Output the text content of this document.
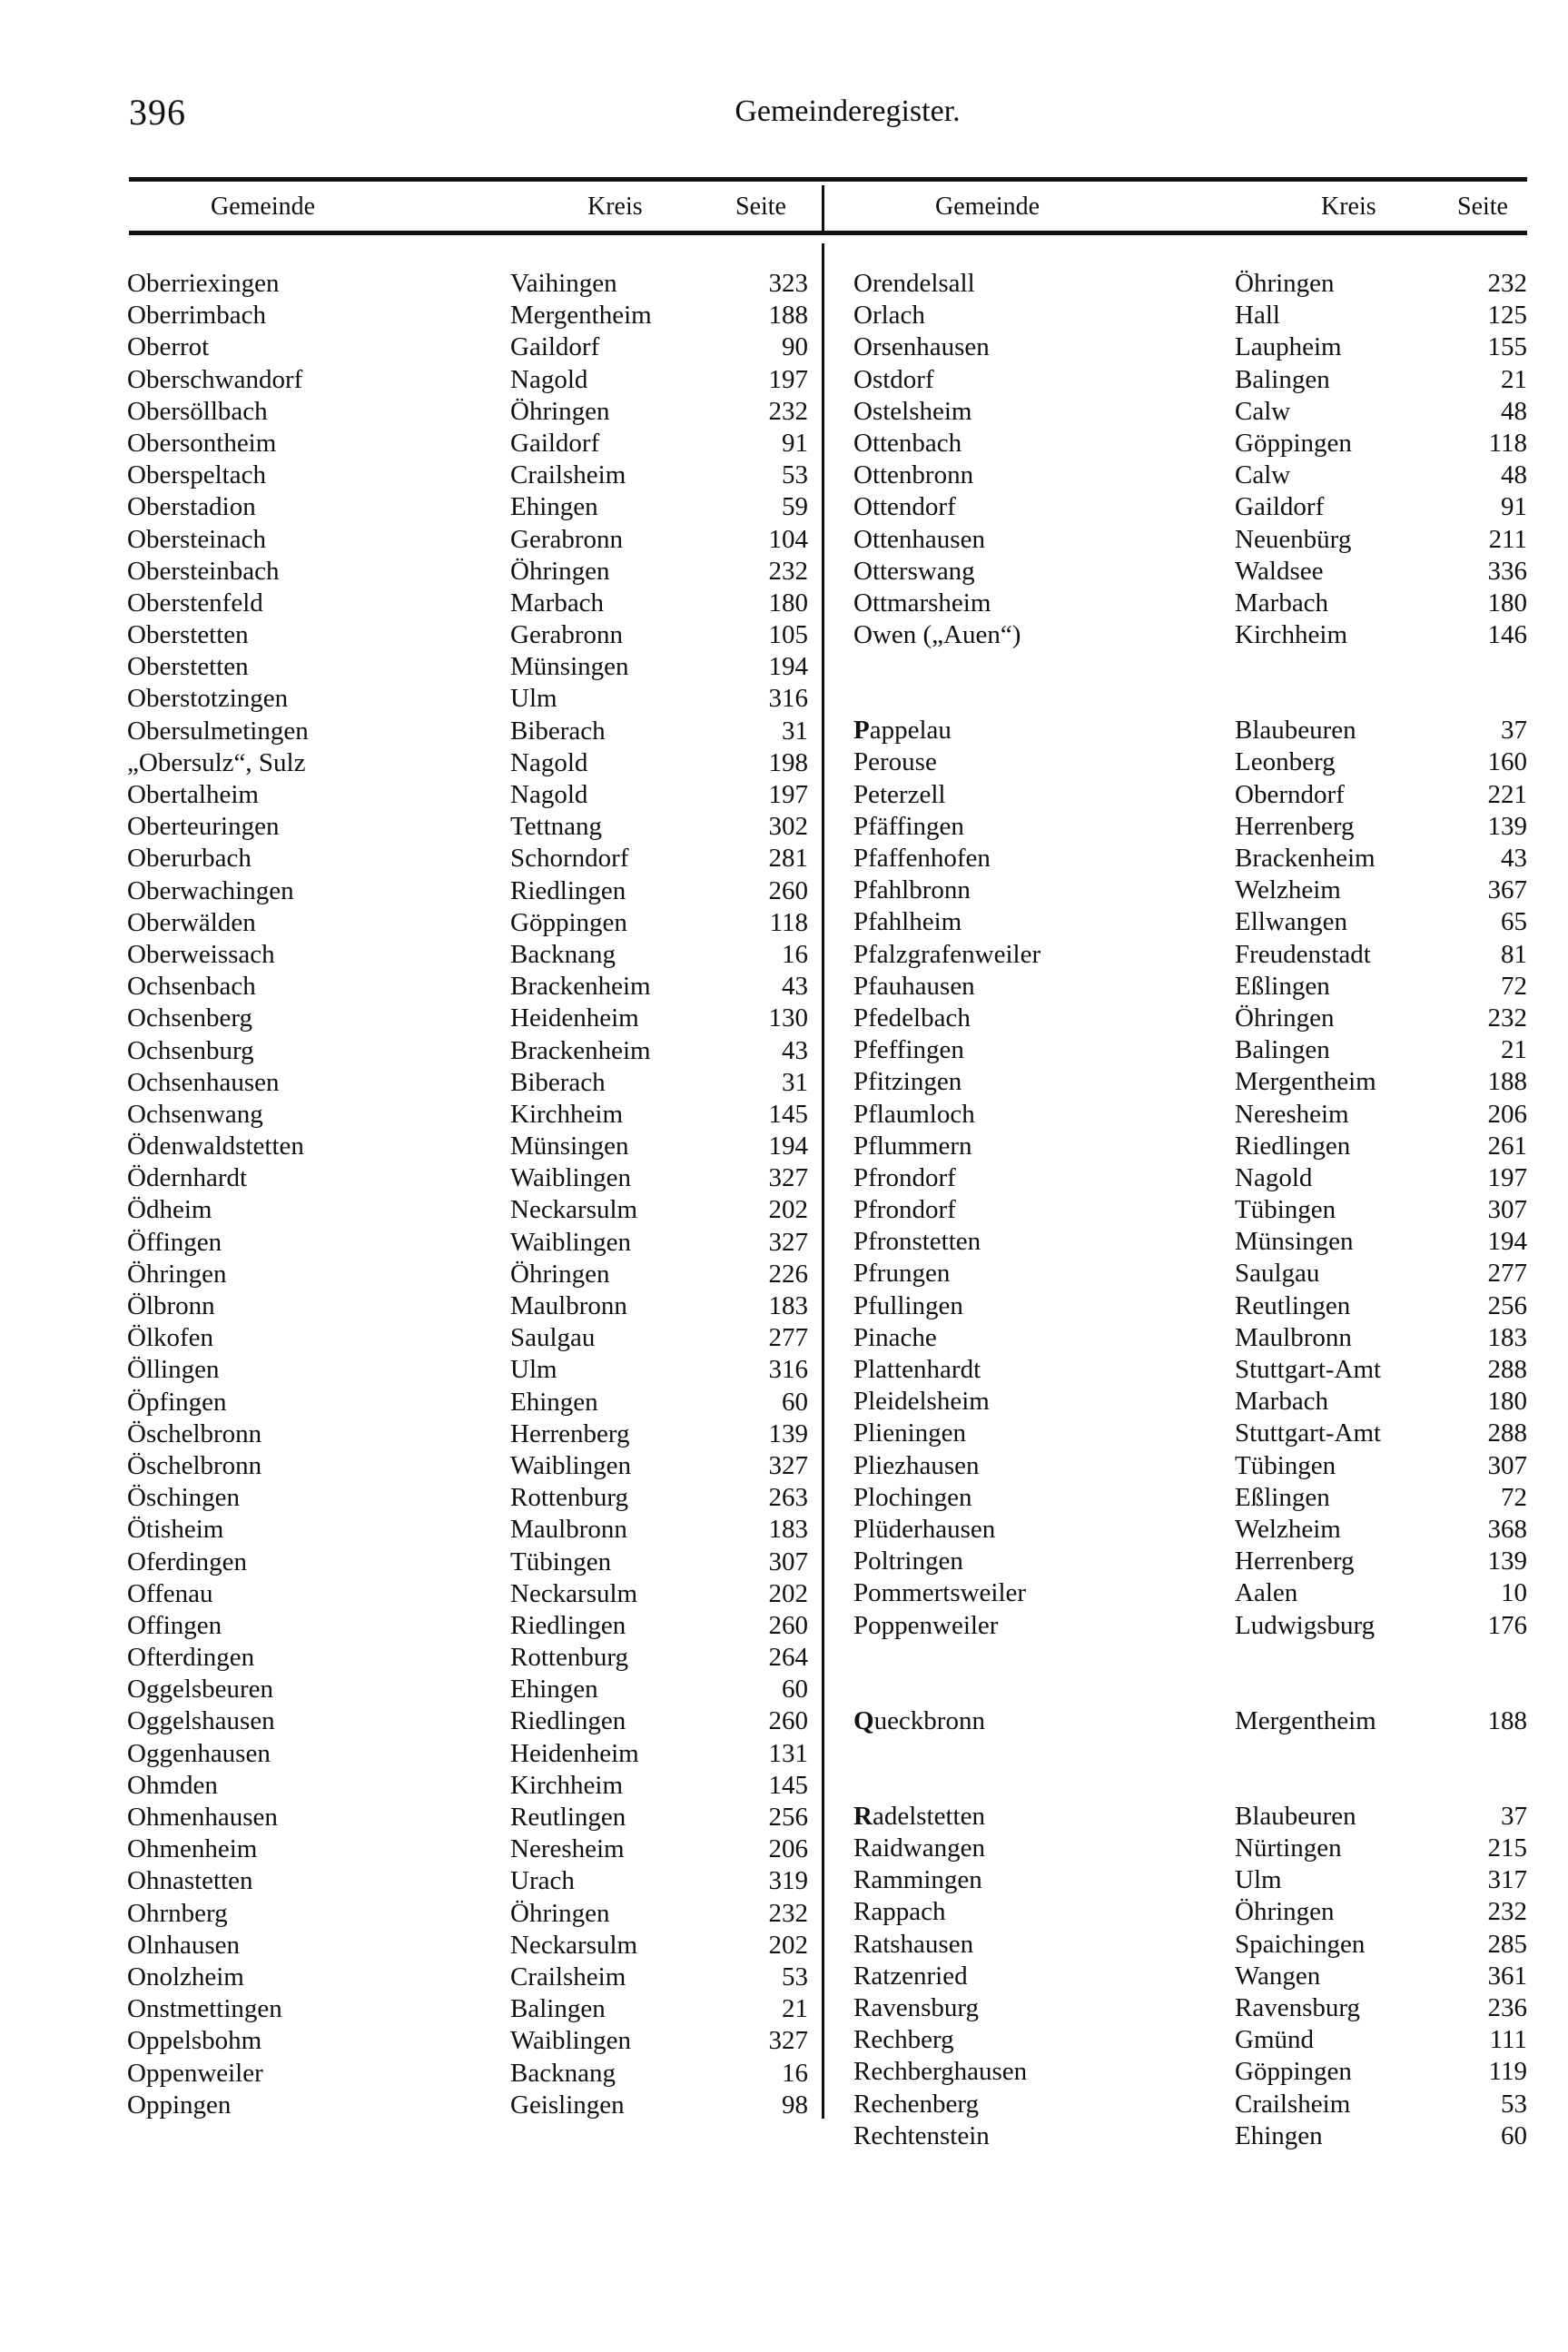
396	Gemeinderegister.
Gemeinde	Kreis	Seite	Gemeinde	Kreis	Seite
Oberriexingen	Vaihingen	323
Oberrimbach	Mergentheim	188
Oberrot	Gaildorf	90
Oberschwandorf	Nagold	197
Obersöllbach	Öhringen	232
Obersontheim	Gaildorf	91
Oberspeltach	Crailsheim	53
Oberstadion	Ehingen	59
Obersteinach	Gerabronn	104
Obersteinbach	Öhringen	232
Oberstenfeld	Marbach	180
Oberstetten	Gerabronn	105
Oberstetten	Münsingen	194
Oberstotzingen	Ulm	316
Obersulmetingen	Biberach	31
„Obersulz“, Sulz	Nagold	198
Obertalheim	Nagold	197
Oberteuringen	Tettnang	302
Oberurbach	Schorndorf	281
Oberwachingen	Riedlingen	260
Oberwälden	Göppingen	118
Oberweissach	Backnang	16
Ochsenbach	Brackenheim	43
Ochsenberg	Heidenheim	130
Ochsenburg	Brackenheim	43
Ochsenhausen	Biberach	31
Ochsenwang	Kirchheim	145
Ödenwaldstetten	Münsingen	194
Ödernhardt	Waiblingen	327
Ödheim	Neckarsulm	202
Öffingen	Waiblingen	327
Öhringen	Öhringen	226
Ölbronn	Maulbronn	183
Ölkofen	Saulgau	277
Öllingen	Ulm	316
Öpfingen	Ehingen	60
Öschelbronn	Herrenberg	139
Öschelbronn	Waiblingen	327
Öschingen	Rottenburg	263
Ötisheim	Maulbronn	183
Oferdingen	Tübingen	307
Offenau	Neckarsulm	202
Offingen	Riedlingen	260
Ofterdingen	Rottenburg	264
Oggelsbeuren	Ehingen	60
Oggelshausen	Riedlingen	260
Oggenhausen	Heidenheim	131
Ohmden	Kirchheim	145
Ohmenhausen	Reutlingen	256
Ohmenheim	Neresheim	206
Ohnastetten	Urach	319
Ohrnberg	Öhringen	232
Olnhausen	Neckarsulm	202
Onolzheim	Crailsheim	53
Onstmettingen	Balingen	21
Oppelsbohm	Waiblingen	327
Oppenweiler	Backnang	16
Oppingen	Geislingen	98
Orendelsall	Öhringen	232
Orlach	Hall	125
Orsenhausen	Laupheim	155
Ostdorf	Balingen	21
Ostelsheim	Calw	48
Ottenbach	Göppingen	118
Ottenbronn	Calw	48
Ottendorf	Gaildorf	91
Ottenhausen	Neuenbürg	211
Otterswang	Waldsee	336
Ottmarsheim	Marbach	180
Owen („Auen“)	Kirchheim	146
Pappelau	Blaubeuren	37
Perouse	Leonberg	160
Peterzell	Oberndorf	221
Pfäffingen	Herrenberg	139
Pfaffenhofen	Brackenheim	43
Pfahlbronn	Welzheim	367
Pfahlheim	Ellwangen	65
Pfalzgrafenweiler	Freudenstadt	81
Pfauhausen	Eßlingen	72
Pfedelbach	Öhringen	232
Pfeffingen	Balingen	21
Pfitzingen	Mergentheim	188
Pflaumloch	Neresheim	206
Pflummern	Riedlingen	261
Pfrondorf	Nagold	197
Pfrondorf	Tübingen	307
Pfronstetten	Münsingen	194
Pfrungen	Saulgau	277
Pfullingen	Reutlingen	256
Pinache	Maulbronn	183
Plattenhardt	Stuttgart-Amt	288
Pleidelsheim	Marbach	180
Plieningen	Stuttgart-Amt	288
Pliezhausen	Tübingen	307
Plochingen	Eßlingen	72
Plüderhausen	Welzheim	368
Poltringen	Herrenberg	139
Pommertsweiler	Aalen	10
Poppenweiler	Ludwigsburg	176
Queckbronn	Mergentheim	188
Radelstetten	Blaubeuren	37
Raidwangen	Nürtingen	215
Rammingen	Ulm	317
Rappach	Öhringen	232
Ratshausen	Spaichingen	285
Ratzenried	Wangen	361
Ravensburg	Ravensburg	236
Rechberg	Gmünd	111
Rechberghausen	Göppingen	119
Rechenberg	Crailsheim	53
Rechtenstein	Ehingen	60
